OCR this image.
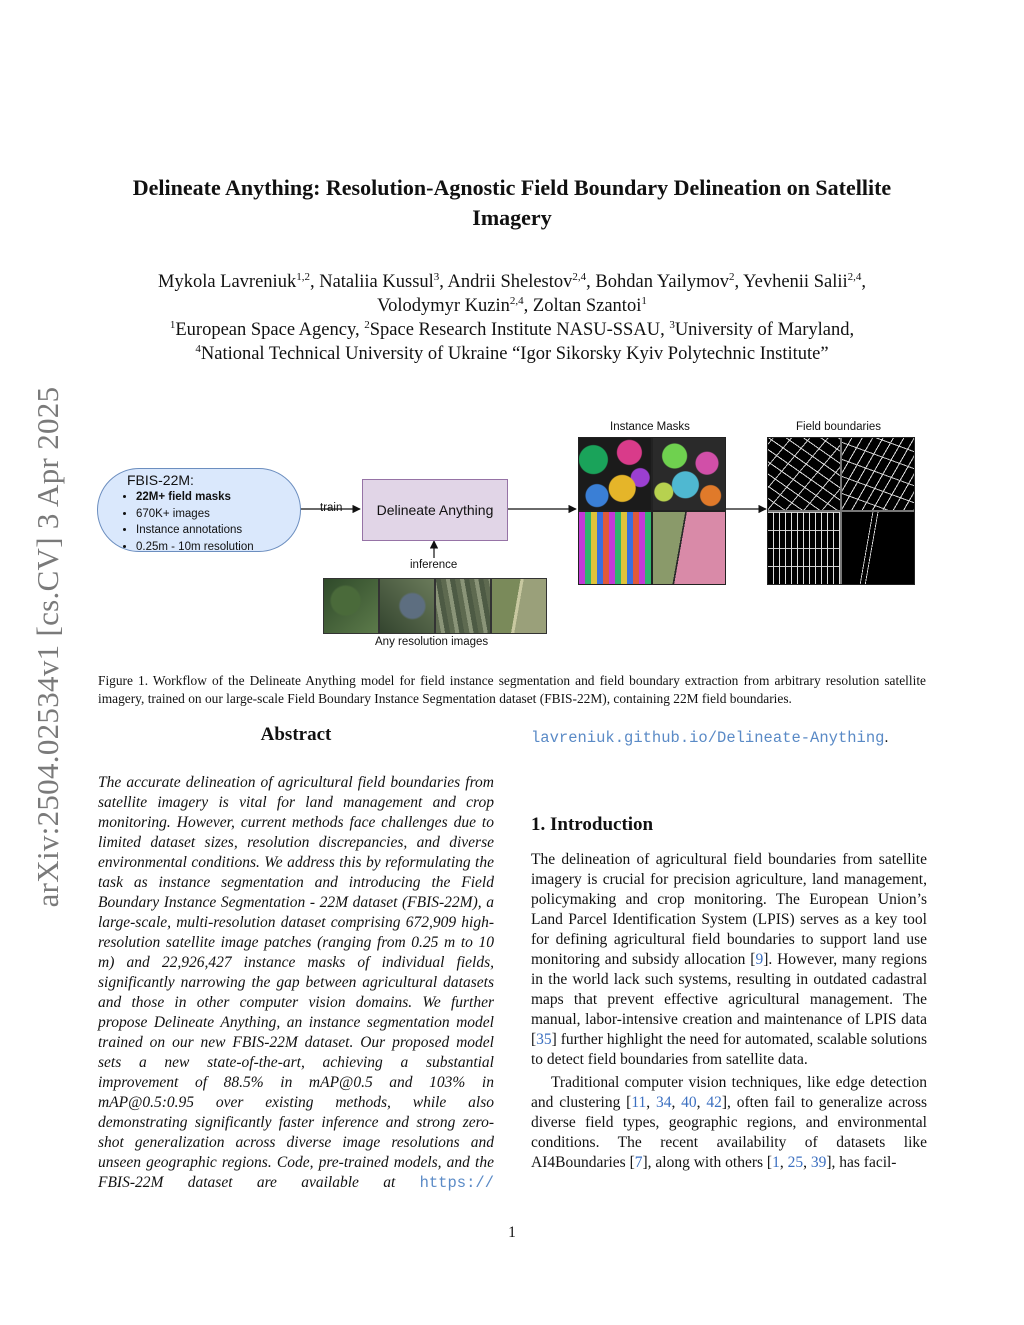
arXiv:2504.02534v1 [cs.CV] 3 Apr 2025
Delineate Anything: Resolution-Agnostic Field Boundary Delineation on Satellite Imagery
Mykola Lavreniuk$^{1,2}$, Nataliia Kussul$^3$, Andrii Shelestov$^{2,4}$, Bohdan Yailymov$^2$, Yevhenii Salii$^{2,4}$,
Volodymyr Kuzin$^{2,4}$, Zoltan Szantoi$^1$
$^1$European Space Agency, $^2$Space Research Institute NASU-SSAU, $^3$University of Maryland,
$^4$National Technical University of Ukraine “Igor Sikorsky Kyiv Polytechnic Institute”
FBIS-22M:
• 22M+ field masks
• 670K+ images
• Instance annotations
• 0.25m - 10m resolution
train	Delineate Anything
inference
Instance Masks	Field boundaries
Any resolution images
Figure 1. Workflow of the Delineate Anything model for field instance segmentation and field boundary extraction from arbitrary resolution satellite imagery, trained on our large-scale Field Boundary Instance Segmentation dataset (FBIS-22M), containing 22M field boundaries.
Abstract
The accurate delineation of agricultural field boundaries from satellite imagery is vital for land management and crop monitoring. However, current methods face challenges due to limited dataset sizes, resolution discrepancies, and diverse environmental conditions. We address this by reformulating the task as instance segmentation and introducing the Field Boundary Instance Segmentation - 22M dataset (FBIS-22M), a large-scale, multi-resolution dataset comprising 672,909 high-resolution satellite image patches (ranging from 0.25 m to 10 m) and 22,926,427 instance masks of individual fields, significantly narrowing the gap between agricultural datasets and those in other computer vision domains. We further propose Delineate Anything, an instance segmentation model trained on our new FBIS-22M dataset. Our proposed model sets a new state-of-the-art, achieving a substantial improvement of 88.5% in mAP@0.5 and 103% in mAP@0.5:0.95 over existing methods, while also demonstrating significantly faster inference and strong zero-shot generalization across diverse image resolutions and unseen geographic regions. Code, pre-trained models, and the FBIS-22M dataset are available at https://
lavreniuk.github.io/Delineate-Anything.
1. Introduction

The delineation of agricultural field boundaries from satellite imagery is crucial for precision agriculture, land management, policymaking and crop monitoring. The European Union’s Land Parcel Identification System (LPIS) serves as a key tool for defining agricultural field boundaries to support land use monitoring and subsidy allocation [9]. However, many regions in the world lack such systems, resulting in outdated cadastral maps that prevent effective agricultural management. The manual, labor-intensive creation and maintenance of LPIS data [35] further highlight the need for automated, scalable solutions to detect field boundaries from satellite data.

Traditional computer vision techniques, like edge detection and clustering [11, 34, 40, 42], often fail to generalize across diverse field types, geographic regions, and environmental conditions. The recent availability of datasets like AI4Boundaries [7], along with others [1, 25, 39], has facil-

1
